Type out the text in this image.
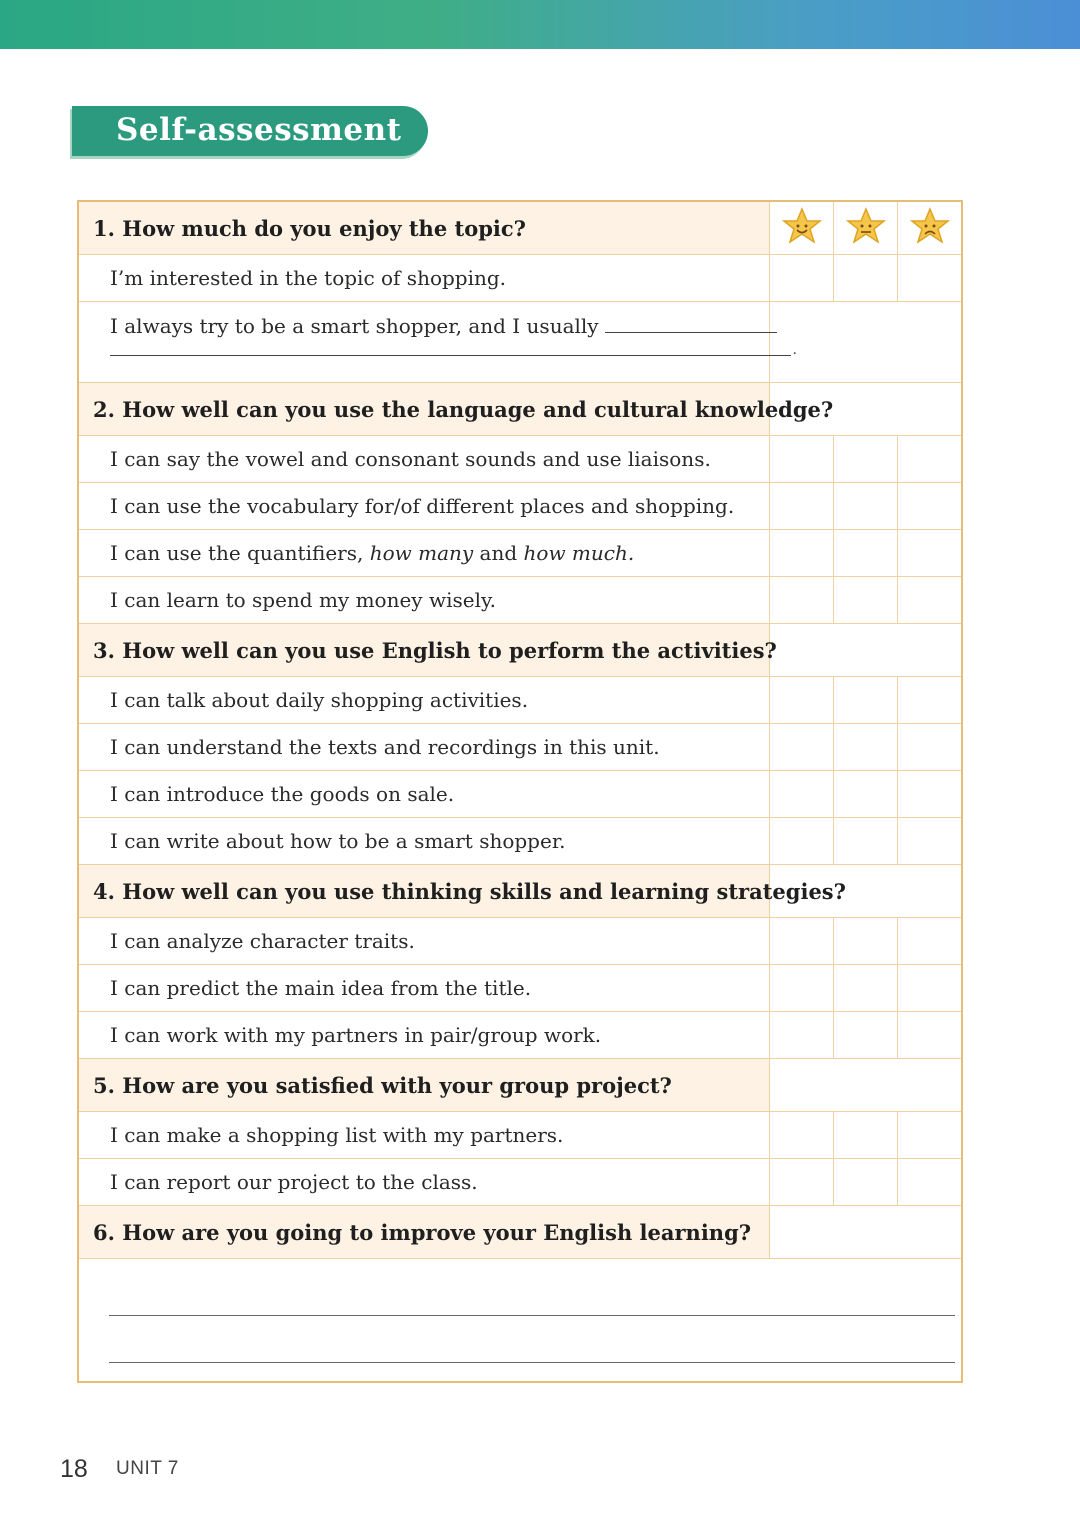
Self-assessment
1. How much do you enjoy the topic?

I’m interested in the topic of shopping.			

I always try to be a smart shopper, and I usually
.			

2. How well can you use the language and cultural knowledge?			

I can say the vowel and consonant sounds and use liaisons.			

I can use the vocabulary for/of different places and shopping.			

I can use the quantifiers, how many and how much.			

I can learn to spend my money wisely.			

3. How well can you use English to perform the activities?			

I can talk about daily shopping activities.			

I can understand the texts and recordings in this unit.			

I can introduce the goods on sale.			

I can write about how to be a smart shopper.			

4. How well can you use thinking skills and learning strategies?			

I can analyze character traits.			

I can predict the main idea from the title.			

I can work with my partners in pair/group work.			

5. How are you satisfied with your group project?			

I can make a shopping list with my partners.			

I can report our project to the class.			

6. How are you going to improve your English learning?			

18 UNIT 7
